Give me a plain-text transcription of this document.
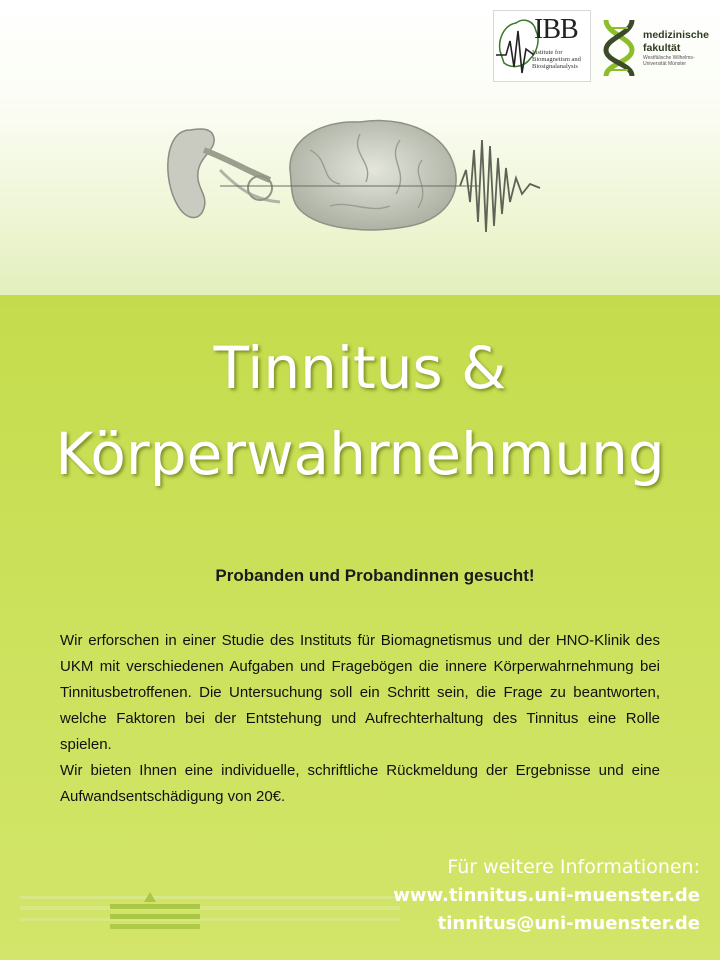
IBB
Institute for Biomagnetism and Biosignalanalysis
medizinische
fakultät
Westfälische Wilhelms-Universität Münster
Tinnitus &
Körperwahrnehmung
Probanden und Probandinnen gesucht!

Wir erforschen in einer Studie des Instituts für Biomagnetismus und der HNO-Klinik des UKM mit verschiedenen Aufgaben und Fragebögen die innere Körperwahrnehmung bei Tinnitusbetroffenen. Die Untersuchung soll ein Schritt sein, die Frage zu beantworten, welche Faktoren bei der Entstehung und Aufrechterhaltung des Tinnitus eine Rolle spielen.

Wir bieten Ihnen eine individuelle, schriftliche Rückmeldung der Ergebnisse und eine Aufwandsentschädigung von 20€.

Für weitere Informationen:
www.tinnitus.uni-muenster.de
tinnitus@uni-muenster.de
